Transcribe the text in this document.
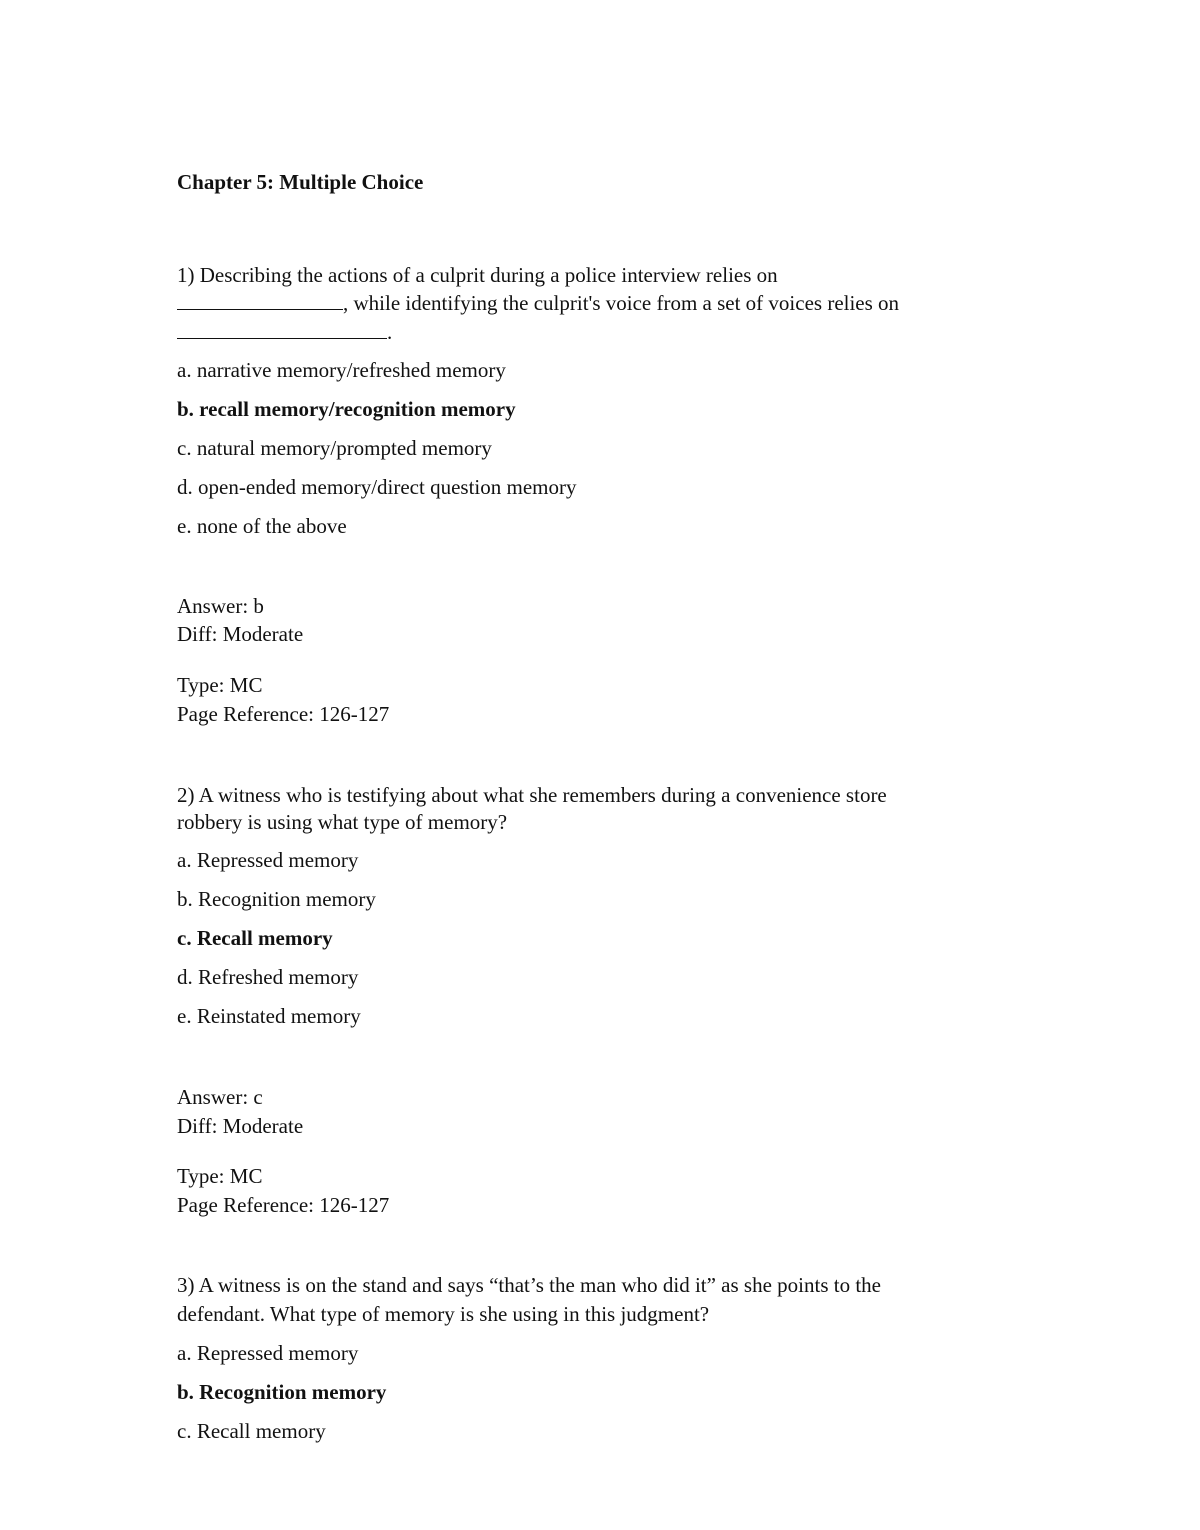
Chapter 5: Multiple Choice
1) Describing the actions of a culprit during a police interview relies on
, while identifying the culprit's voice from a set of voices relies on
.
a. narrative memory/refreshed memory
b. recall memory/recognition memory
c. natural memory/prompted memory
d. open-ended memory/direct question memory
e. none of the above
Answer: b
Diff: Moderate
Type: MC
Page Reference: 126-127
2) A witness who is testifying about what she remembers during a convenience store
robbery is using what type of memory?
a. Repressed memory
b. Recognition memory
c. Recall memory
d. Refreshed memory
e. Reinstated memory
Answer: c
Diff: Moderate
Type: MC
Page Reference: 126-127
3) A witness is on the stand and says “that’s the man who did it” as she points to the
defendant. What type of memory is she using in this judgment?
a. Repressed memory
b. Recognition memory
c. Recall memory
